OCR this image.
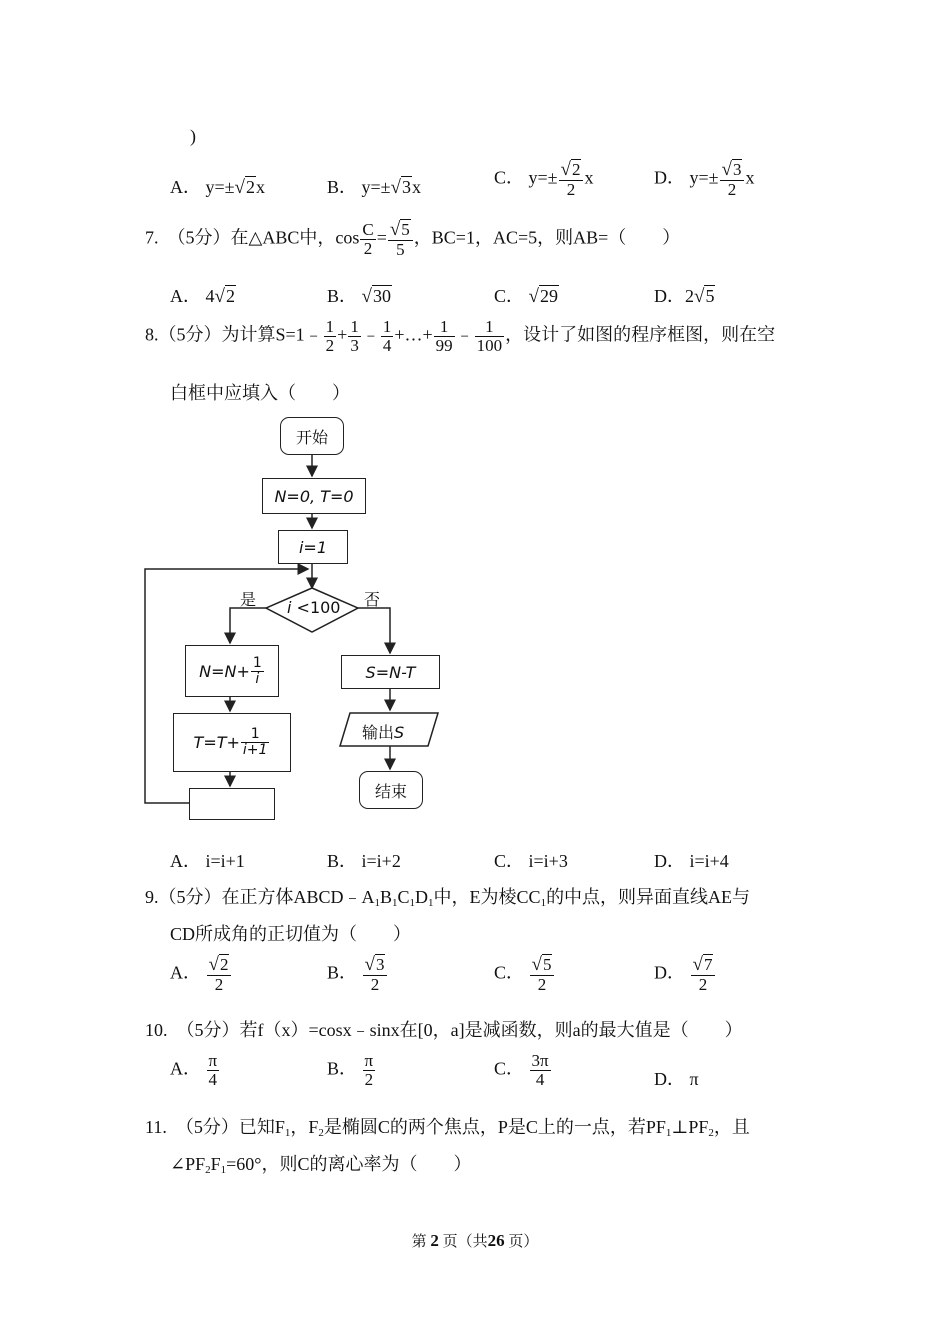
)
A． y=±√2x	B． y=±√3x	C． $y=\pm \frac{√2}{2}$ x	D． $y=\pm \frac{√3}{2}$ x
7. （5分）在△ABC中，$\cos \frac{C}{2} = \frac{√5}{5}$ ，BC=1，AC=5，则AB=（　　）
A． 4√2	B． √30	C． √29	D．2√5
8.（5分）为计算S=1﹣ $\frac{1}{2} + \frac{1}{3}$ ﹣ $\frac{1}{4}$ +…+ $\frac{1}{99}$ ﹣ $\frac{1}{100}$ ，设计了如图的程序框图，则在空
白框中应填入（　　）
开始
N=0, T=0
i=1
i <100
是	否
$N=N+ \frac{1}{i}$
$T=T+ \frac{1}{i+1}$
S=N-T
输出S
结束
A． i=i+1	B． i=i+2	C． i=i+3	D． i=i+4
9.（5分）在正方体$ABCD﹣A_1B_1C_1D_1$中，E为棱$CC_1$的中点，则异面直线AE与
CD所成角的正切值为（　　）
A． $\frac{√2}{2}$	B． $\frac{√3}{2}$	C． $\frac{√5}{2}$	D． $\frac{√7}{2}$
10. （5分）若f（x）=cosx﹣sinx在[0，a]是减函数，则a的最大值是（　　）
A． $\frac{\pi}{4}$	B． $\frac{\pi}{2}$	C． $\frac{3\pi}{4}$	D． π
11. （5分）已知$F_1$，$F_2$是椭圆C的两个焦点，P是C上的一点，若$PF_1\perp PF_2$，且
$\angle PF_2F_1=60^\circ$，则C的离心率为（　　）
第 2 页（共26 页）
